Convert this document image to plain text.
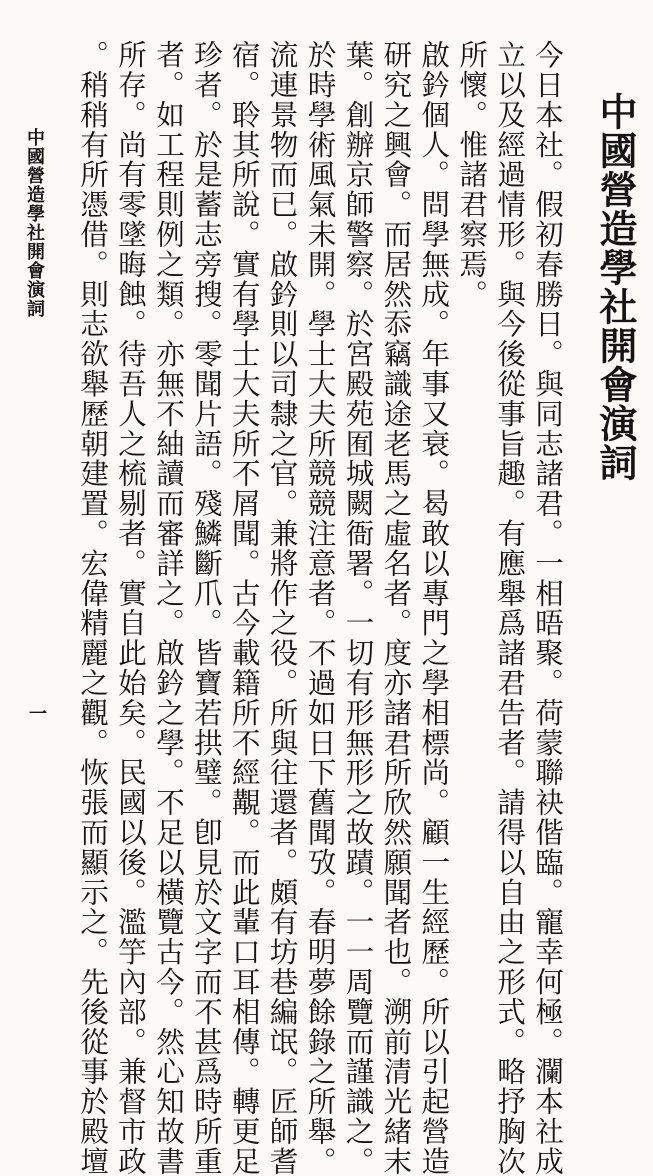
中國營造學社開會演詞
今日本社。假初春勝日。與同志諸君。一相晤聚。荷蒙聯袂偕臨。寵幸何極。瀾本社成
立以及經過情形。與今後從事旨趣。有應舉爲諸君告者。請得以自由之形式。略抒胸次
所懷。惟諸君察焉。
啟鈐個人。問學無成。年事又衰。曷敢以專門之學相標尚。顧一生經歷。所以引起營造
研究之興會。而居然忝竊識途老馬之虛名者。度亦諸君所欣然願聞者也。溯前清光緒末
葉。創辦京師警察。於宮殿苑囿城闕衙署。一切有形無形之故蹟。一一周覽而謹識之。
於時學術風氣未開。學士大夫所競競注意者。不過如日下舊聞攷。春明夢餘錄之所舉。
流連景物而已。啟鈐則以司隸之官。兼將作之役。所與往還者。頗有坊巷編氓。匠師耆
宿。聆其所說。實有學士大夫所不屑聞。古今載籍所不經覯。而此輩口耳相傳。轉更足
珍者。於是蓄志旁搜。零聞片語。殘鱗斷爪。皆寶若拱璧。卽見於文字而不甚爲時所重
者。如工程則例之類。亦無不紬讀而審詳之。啟鈐之學。不足以橫覽古今。然心知故書
所存。尚有零墜晦蝕。待吾人之梳剔者。實自此始矣。民國以後。濫竽內部。兼督市政
。稍稍有所憑借。則志欲舉歷朝建置。宏偉精麗之觀。恢張而顯示之。先後從事於殿壇
中國營造學社開會演詞
一
